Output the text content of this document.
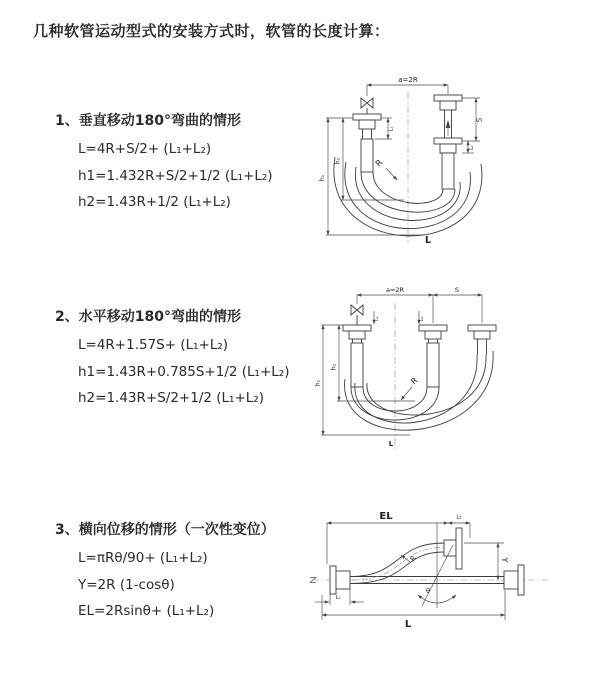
几种软管运动型式的安装方式时，软管的长度计算：
1、垂直移动180°弯曲的情形
L=4R+S/2+ (L₁+L₂)
h1=1.432R+S/2+1/2 (L₁+L₂)
h2=1.43R+1/2 (L₁+L₂)
2、水平移动180°弯曲的情形
L=4R+1.57S+ (L₁+L₂)
h1=1.43R+0.785S+1/2 (L₁+L₂)
h2=1.43R+S/2+1/2 (L₁+L₂)
3、横向位移的情形（一次性变位）
L=πRθ/90+ (L₁+L₂)
Y=2R (1-cosθ)
EL=2Rsinθ+ (L₁+L₂)
a=2R
R
h₁
h₂
L₁
S
L₂
L
a=2R	S
L₁	L₂
R
h₁
h₂
L
EL	L₂
Y
θ
R
L
L₁
